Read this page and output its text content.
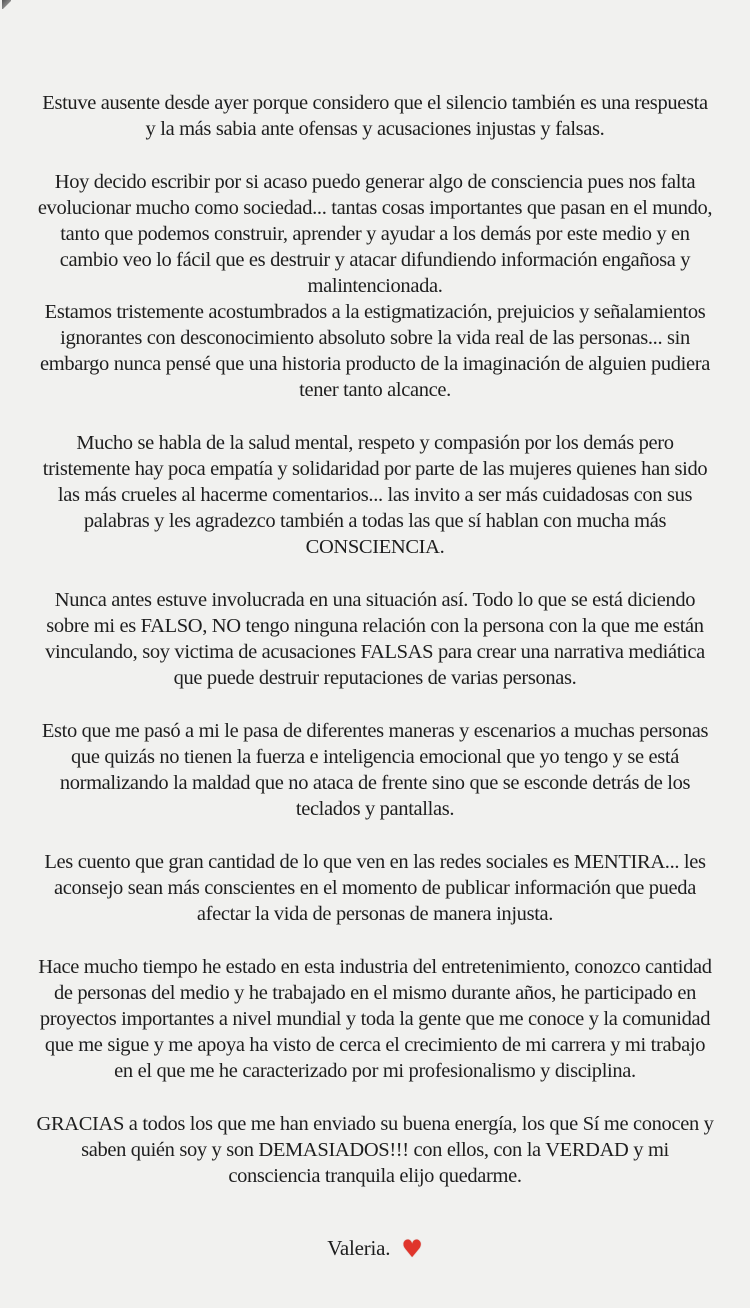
Estuve ausente desde ayer porque considero que el silencio también es una respuesta y la más sabia ante ofensas y acusaciones injustas y falsas.

Hoy decido escribir por si acaso puedo generar algo de consciencia pues nos falta evolucionar mucho como sociedad... tantas cosas importantes que pasan en el mundo, tanto que podemos construir, aprender y ayudar a los demás por este medio y en cambio veo lo fácil que es destruir y atacar difundiendo información engañosa y malintencionada.

Estamos tristemente acostumbrados a la estigmatización, prejuicios y señalamientos ignorantes con desconocimiento absoluto sobre la vida real de las personas... sin embargo nunca pensé que una historia producto de la imaginación de alguien pudiera tener tanto alcance.

Mucho se habla de la salud mental, respeto y compasión por los demás pero tristemente hay poca empatía y solidaridad por parte de las mujeres quienes han sido las más crueles al hacerme comentarios... las invito a ser más cuidadosas con sus palabras y les agradezco también a todas las que sí hablan con mucha más CONSCIENCIA.

Nunca antes estuve involucrada en una situación así. Todo lo que se está diciendo sobre mi es FALSO, NO tengo ninguna relación con la persona con la que me están vinculando, soy victima de acusaciones FALSAS para crear una narrativa mediática que puede destruir reputaciones de varias personas.

Esto que me pasó a mi le pasa de diferentes maneras y escenarios a muchas personas que quizás no tienen la fuerza e inteligencia emocional que yo tengo y se está normalizando la maldad que no ataca de frente sino que se esconde detrás de los teclados y pantallas.

Les cuento que gran cantidad de lo que ven en las redes sociales es MENTIRA... les aconsejo sean más conscientes en el momento de publicar información que pueda afectar la vida de personas de manera injusta.

Hace mucho tiempo he estado en esta industria del entretenimiento, conozco cantidad de personas del medio y he trabajado en el mismo durante años, he participado en proyectos importantes a nivel mundial y toda la gente que me conoce y la comunidad que me sigue y me apoya ha visto de cerca el crecimiento de mi carrera y mi trabajo en el que me he caracterizado por mi profesionalismo y disciplina.

GRACIAS a todos los que me han enviado su buena energía, los que Sí me conocen y saben quién soy y son DEMASIADOS!!! con ellos, con la VERDAD y mi consciencia tranquila elijo quedarme.

Valeria. ♥
